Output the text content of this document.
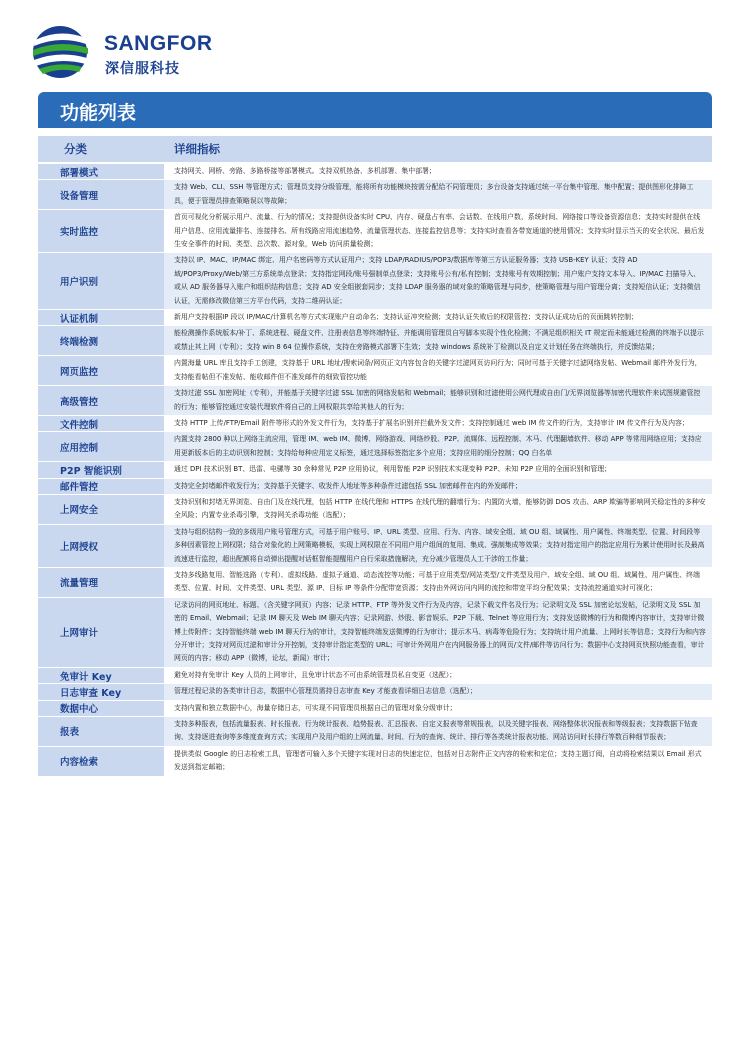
SANGFOR
深信服科技
功能列表
分类	详细指标
部署模式	支持网关、网桥、旁路、多路桥接等部署模式。支持双机热备、多机部署、集中部署；
设备管理	支持 Web、CLI、SSH 等管理方式；管理员支持分级管理，能将所有功能模块按需分配给不同管理员；多台设备支持通过统一平台集中管理、集中配置；提供图形化排障工具，便于管理员排查策略误以等故障；
实时监控	首页可视化分析展示用户、流量、行为的情况；支持提供设备实时 CPU、内存、硬盘占有率、会话数、在线用户数、系统时间、网络接口等设备资源信息；支持实时提供在线用户信息、应用流量排名、连接排名、所有线路应用流速趋势、流量管理状态、连接监控信息等；支持实时查看各带宽通道的使用情况；支持实时显示当天的安全状况、最后发生安全事件的时间、类型、总次数、源对象，Web 访问质量检测；
用户识别	支持以 IP、MAC、IP/MAC 绑定、用户名密码等方式认证用户；支持 LDAP/RADIUS/POP3/数据库等第三方认证服务器；支持 USB-KEY 认证；支持 AD 域/POP3/Proxy/Web/第三方系统单点登录；支持指定网段/账号强制单点登录；支持账号公有/私有控制；支持账号有效期控制；用户账户支持文本导入、IP/MAC 扫描导入、或从 AD 服务器导入账户和组织结构信息；支持 AD 安全组嵌套同步；支持 LDAP 服务器的域对象的策略管理与同步，使策略管理与用户管理分离；支持短信认证；支持微信认证，无需修改微信第三方平台代码，支持二维码认证；
认证机制	新用户支持根据IP 段以 IP/MAC/计算机名等方式实现账户自动命名；支持认证冲突检测；支持认证失败后的权限管控；支持认证成功后的页面跳转控制；
终端检测	能检测操作系统版本/补丁、系统进程、硬盘文件、注册表信息等终端特征、并能调用管理员自写脚本实现个性化检测；不满足组织相关 IT 规定而未能通过检测的终端予以提示或禁止其上网（专利）；支持 win 8 64 位操作系统，支持在旁路模式部署下生效；支持 windows 系统补丁检测以及自定义计划任务在终端执行，并反馈结果；
网页监控	内置海量 URL 库且支持手工创建，支持基于 URL 地址/搜索词条/网页正文内容包含的关键字过滤网页访问行为；同时可基于关键字过滤网络发帖、Webmail 邮件外发行为，支持能看帖但不准发帖、能收邮件但不准发邮件的细致管控功能
高级管控	支持过滤 SSL 加密网址（专利），并能基于关键字过滤 SSL 加密的网络发帖和 Webmail；能够识别和过滤使用公网代理或自由门/无界浏览器等加密代理软件来试图规避管控的行为；能够管控通过安装代理软件将自己的上网权限共享给其他人的行为；
文件控制	支持 HTTP 上传/FTP/Email 附件等形式的外发文件行为，支持基于扩展名识别并拦截外发文件；支持控制通过 web IM 传文件的行为，支持审计 IM 传文件行为及内容；
应用控制	内置支持 2800 种以上网络主流应用，管理 IM、web IM、微博、网络游戏、网络炒股、P2P、流媒体、远程控制、木马、代理翻墙软件、移动 APP 等常用网络应用；支持应用更新版本后的主动识别和控制；支持给每种应用定义标签，通过选择标签指定多个应用；支持应用的细分控制；QQ 白名单
P2P 智能识别	通过 DPI 技术识别 BT、迅雷、电骡等 30 余种常见 P2P 应用协议，利用智能 P2P 识别技术实现变种 P2P、未知 P2P 应用的全面识别和管理；
邮件管控	支持完全封堵邮件收发行为；支持基于关键字、收发件人地址等多种条件过滤包括 SSL 加密邮件在内的外发邮件；
上网安全	支持识别和封堵无界浏览、自由门及在线代理，包括 HTTP 在线代理和 HTTPS 在线代理的翻墙行为；内置防火墙，能够防御 DOS 攻击、ARP 欺骗等影响网关稳定性的多种安全风险；内置专业杀毒引擎，支持网关杀毒功能（选配）；
上网授权	支持与组织结构一致的多级用户账号管理方式，可基于用户账号、IP、URL 类型、应用、行为、内容、域安全组、域 OU 组、域属性、用户属性、终端类型、位置、时间段等多种因素管控上网权限；结合对象化的上网策略模板，实现上网权限在不同用户用户组间的复用、集成、强制集成等效果；支持对指定用户的指定应用行为累计使用时长及最高流速进行监控，超出配额将自动弹出提醒对话框智能提醒用户自行采取措施解决，充分减少管理员人工干涉的工作量；
流量管理	支持多线路复用、智能选路（专利）、虚拟线路、虚拟子通道、动态流控等功能；可基于应用类型/网站类型/文件类型及用户、域安全组、域 OU 组、域属性、用户属性、终端类型、位置、时间、文件类型、URL 类型、源 IP、目标 IP 等条件分配带宽资源；支持由外网访问内网的流控和带宽平均分配效果；支持流控通道实时可视化；
上网审计	记录访问的网页地址、标题、（含关键字网页）内容；记录 HTTP、FTP 等外发文件行为及内容，记录下载文件名及行为；记录明文及 SSL 加密论坛发帖，记录明文及 SSL 加密的 Email、Webmail；记录 IM 聊天及 Web IM 聊天内容；记录网游、炒股、影音娱乐、P2P 下载、Telnet 等应用行为；支持发送微博的行为和微博内容审计，支持审计微博上传附件；支持智能终端 web IM 聊天行为的审计，支持智能终端发送微博的行为审计；提示木马、病毒等危险行为；支持统计用户流量、上网时长等信息；支持行为和内容分开审计；支持对网页过滤和审计分开控制，支持审计指定类型的 URL；可审计外网用户在内网服务器上的网页/文件/邮件等访问行为；数据中心支持网页快照功能查看，审计网页的内容；移动 APP（微博，论坛，新闻）审计；
免审计 Key	避免对持有免审计 Key 人员的上网审计，且免审计状态不可由系统管理员私自变更（选配）；
日志审查 Key	管理过程记录的各类审计日志，数据中心管理员需持日志审查 Key 才能查看详细日志信息（选配）；
数据中心	支持内置和独立数据中心，海量存储日志，可实现不同管理员根据自己的管理对象分级审计；
报表	支持多种报表，包括流量报表、时长报表、行为统计报表、趋势报表、汇总报表、自定义报表等常规报表，以及关键字报表、网络整体状况报表和等级报表；支持数据下钻查询、支持逐进查询等多维度查询方式；实现用户及用户组的上网流量、时间、行为的查询、统计、排行等各类统计报表功能、网站访问时长排行等数百种细节报表；
内容检索	提供类似 Google 的日志检索工具，管理者可输入多个关键字实现对日志的快速定位，包括对日志附件正文内容的检索和定位；支持主题订阅，自动将检索结果以 Email 形式发送到指定邮箱；
